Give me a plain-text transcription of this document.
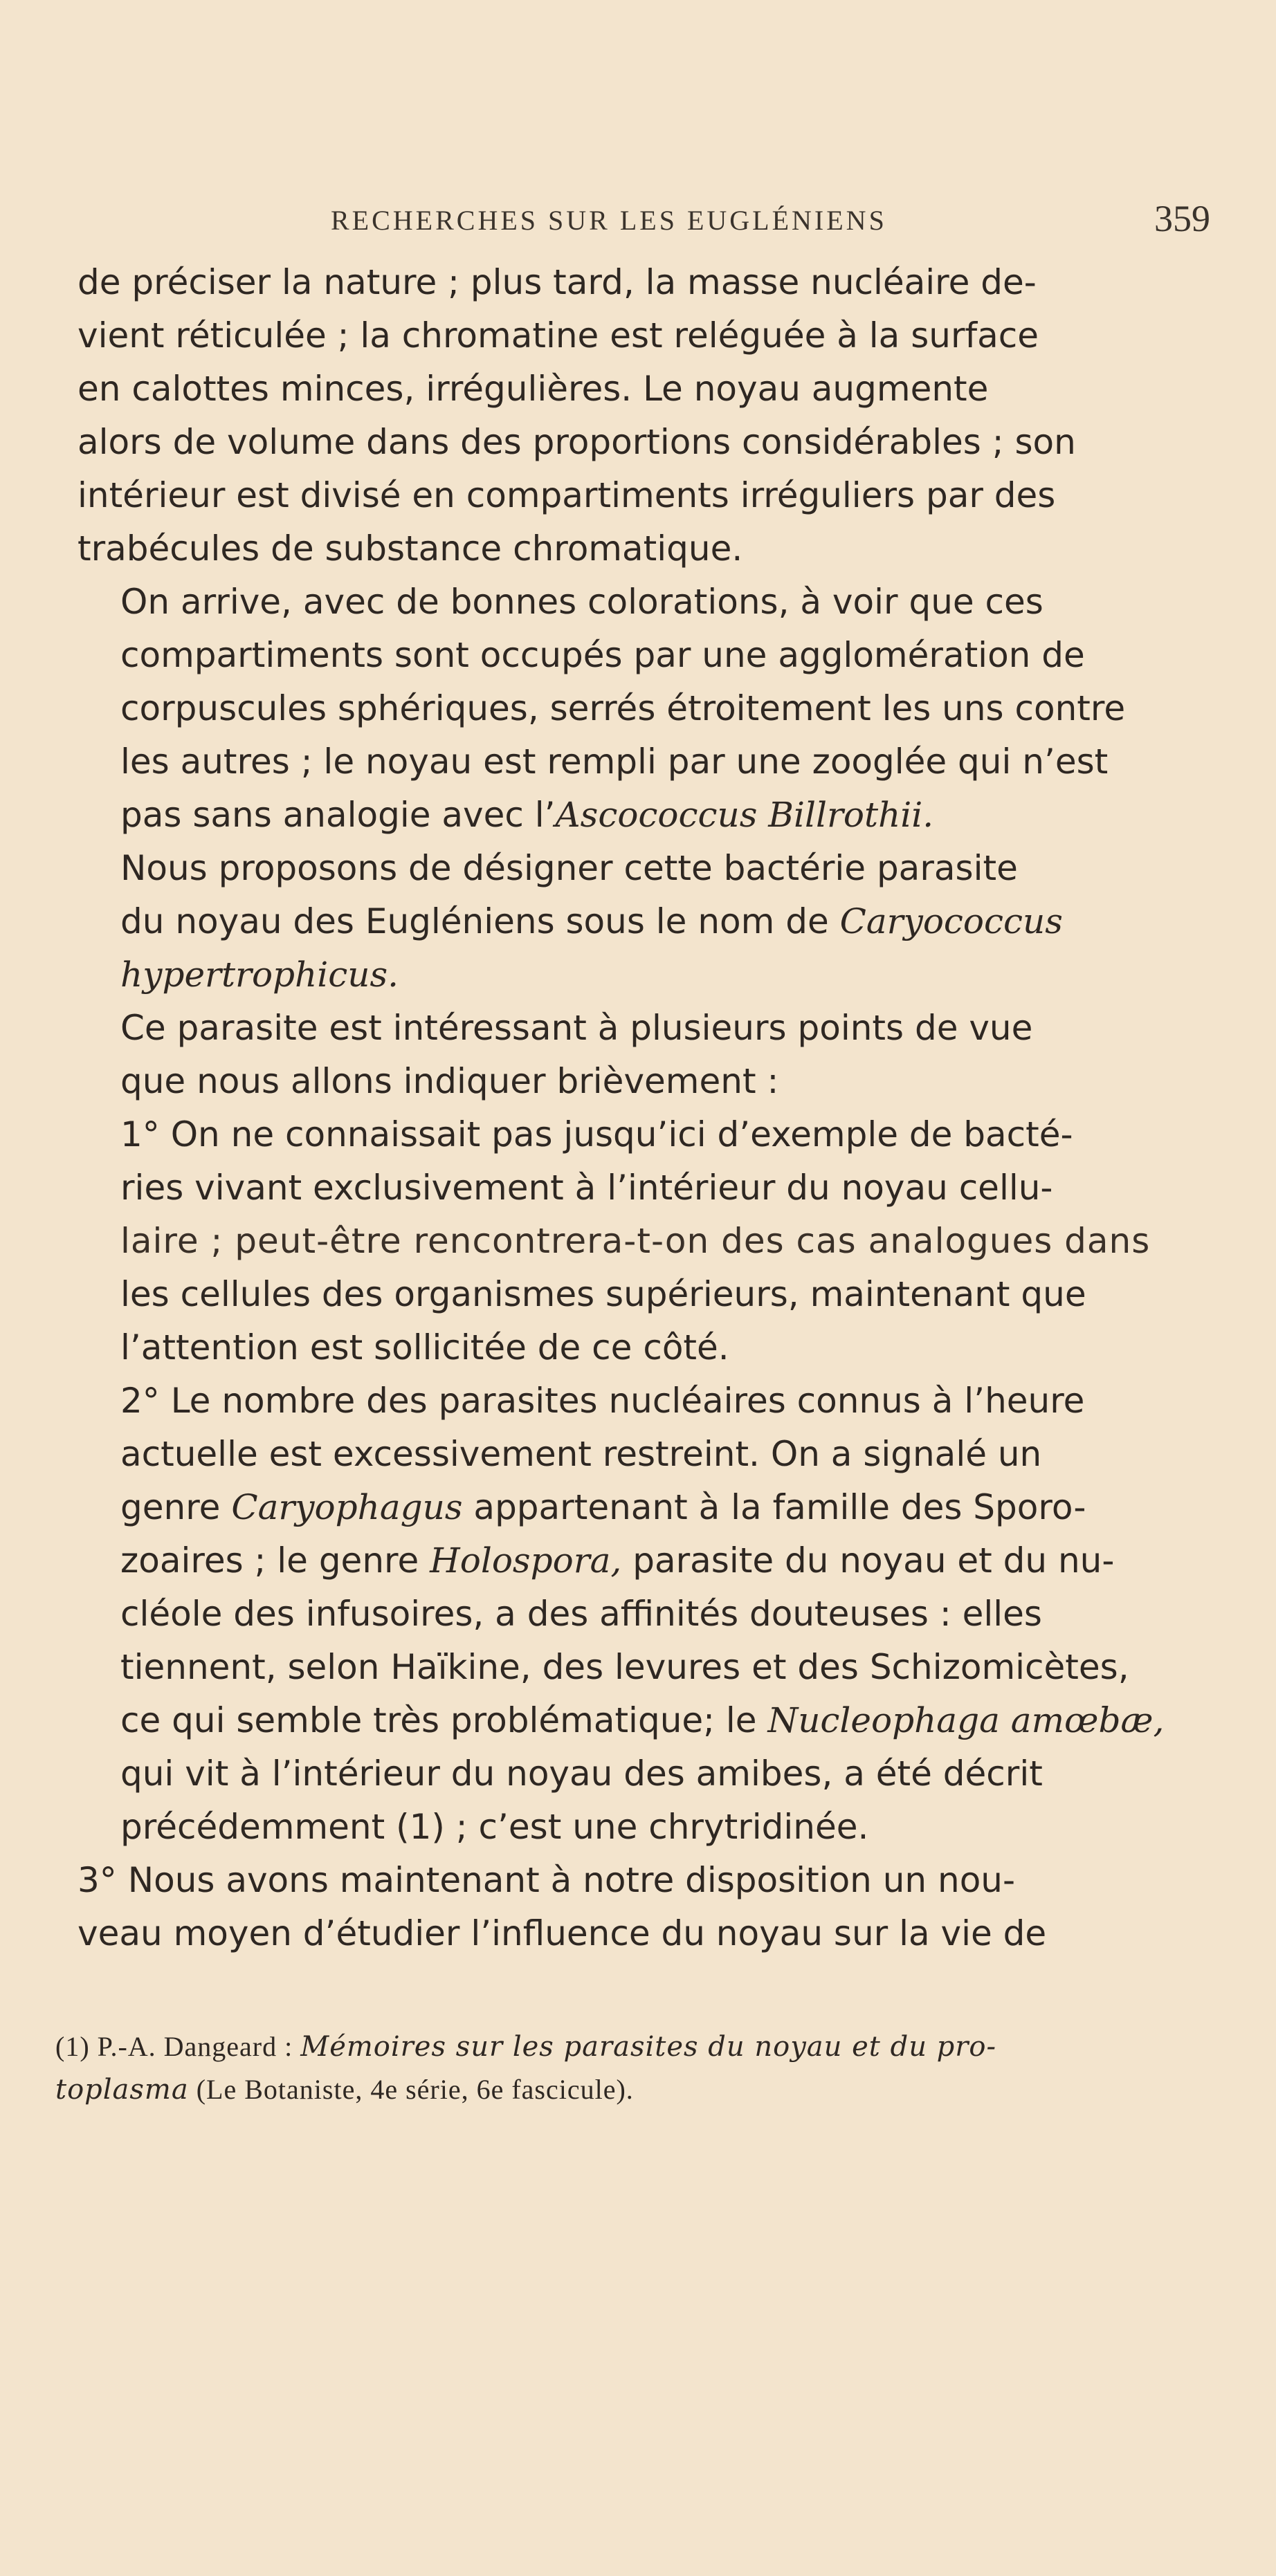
RECHERCHES SUR LES EUGLÉNIENS	359

de préciser la nature ; plus tard, la masse nucléaire de-
vient réticulée ; la chromatine est reléguée à la surface
en calottes minces, irrégulières. Le noyau augmente
alors de volume dans des proportions considérables ; son
intérieur est divisé en compartiments irréguliers par des
trabécules de substance chromatique.

On arrive, avec de bonnes colorations, à voir que ces
compartiments sont occupés par une agglomération de
corpuscules sphériques, serrés étroitement les uns contre
les autres ; le noyau est rempli par une zooglée qui n’est
pas sans analogie avec l’Ascococcus Billrothii.

Nous proposons de désigner cette bactérie parasite
du noyau des Eugléniens sous le nom de Caryococcus
hypertrophicus.

Ce parasite est intéressant à plusieurs points de vue
que nous allons indiquer brièvement :

1° On ne connaissait pas jusqu’ici d’exemple de bacté-
ries vivant exclusivement à l’intérieur du noyau cellu-
laire ; peut-être rencontrera-t-on des cas analogues dans
les cellules des organismes supérieurs, maintenant que
l’attention est sollicitée de ce côté.

2° Le nombre des parasites nucléaires connus à l’heure
actuelle est excessivement restreint. On a signalé un
genre Caryophagus appartenant à la famille des Sporo-
zoaires ; le genre Holospora, parasite du noyau et du nu-
cléole des infusoires, a des affinités douteuses : elles
tiennent, selon Haïkine, des levures et des Schizomicètes,
ce qui semble très problématique; le Nucleophaga amœbæ,
qui vit à l’intérieur du noyau des amibes, a été décrit
précédemment (1) ; c’est une chrytridinée.

3° Nous avons maintenant à notre disposition un nou-
veau moyen d’étudier l’influence du noyau sur la vie de

(1) P.-A. Dangeard : Mémoires sur les parasites du noyau et du pro-
toplasma (Le Botaniste, 4e série, 6e fascicule).
